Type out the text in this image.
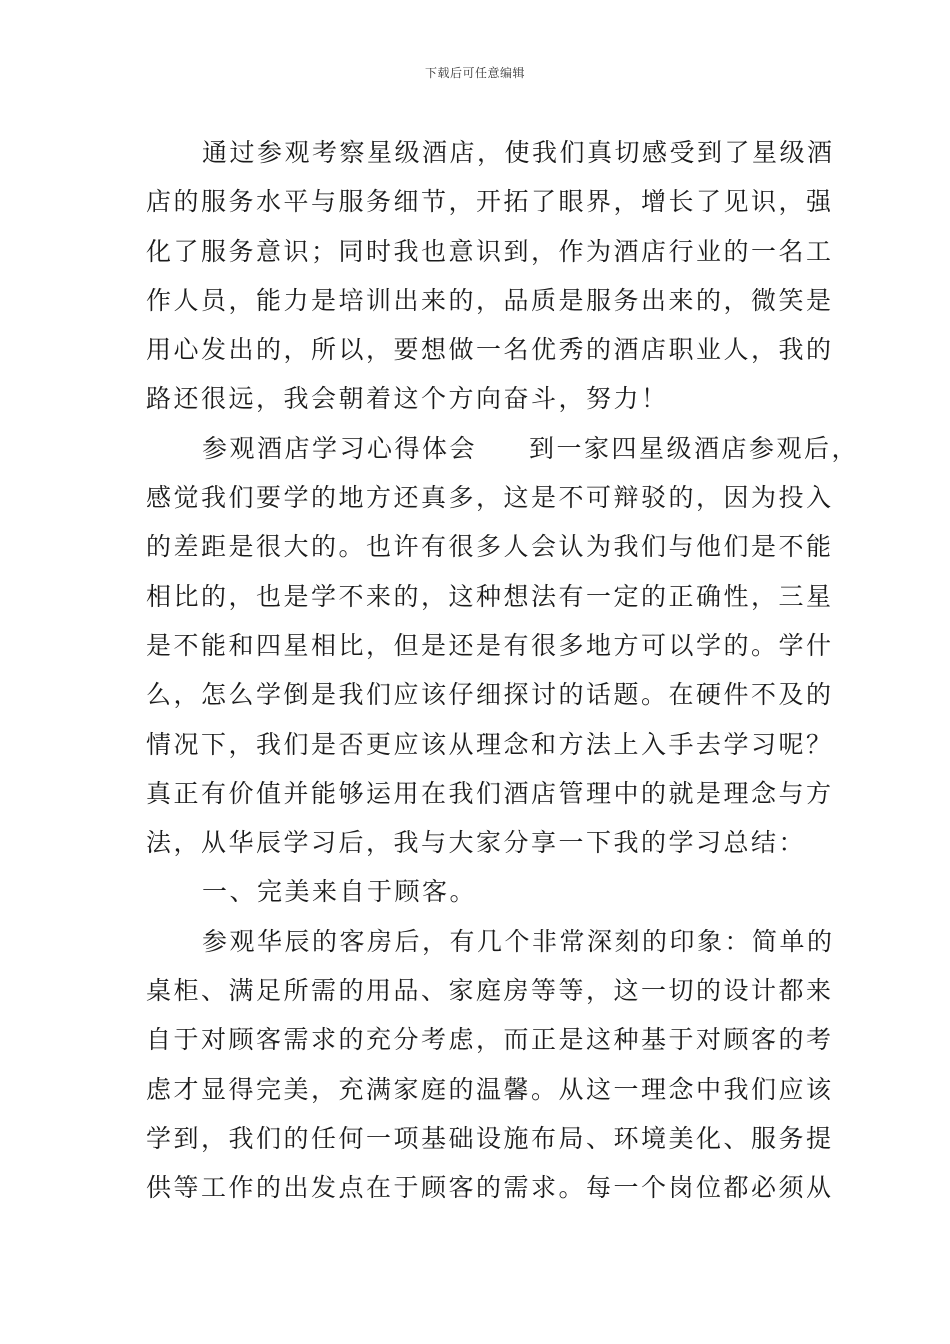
下载后可任意编辑
通过参观考察星级酒店，使我们真切感受到了星级酒
店的服务水平与服务细节，开拓了眼界，增长了见识，强
化了服务意识；同时我也意识到，作为酒店行业的一名工
作人员，能力是培训出来的，品质是服务出来的，微笑是
用心发出的，所以，要想做一名优秀的酒店职业人，我的
路还很远，我会朝着这个方向奋斗，努力！
参观酒店学习心得体会 到一家四星级酒店参观后，
感觉我们要学的地方还真多，这是不可辩驳的，因为投入
的差距是很大的。也许有很多人会认为我们与他们是不能
相比的，也是学不来的，这种想法有一定的正确性，三星
是不能和四星相比，但是还是有很多地方可以学的。学什
么，怎么学倒是我们应该仔细探讨的话题。在硬件不及的
情况下，我们是否更应该从理念和方法上入手去学习呢？
真正有价值并能够运用在我们酒店管理中的就是理念与方
法，从华辰学习后，我与大家分享一下我的学习总结：
一、完美来自于顾客。
参观华辰的客房后，有几个非常深刻的印象：简单的
桌柜、满足所需的用品、家庭房等等，这一切的设计都来
自于对顾客需求的充分考虑，而正是这种基于对顾客的考
虑才显得完美，充满家庭的温馨。从这一理念中我们应该
学到，我们的任何一项基础设施布局、环境美化、服务提
供等工作的出发点在于顾客的需求。每一个岗位都必须从
